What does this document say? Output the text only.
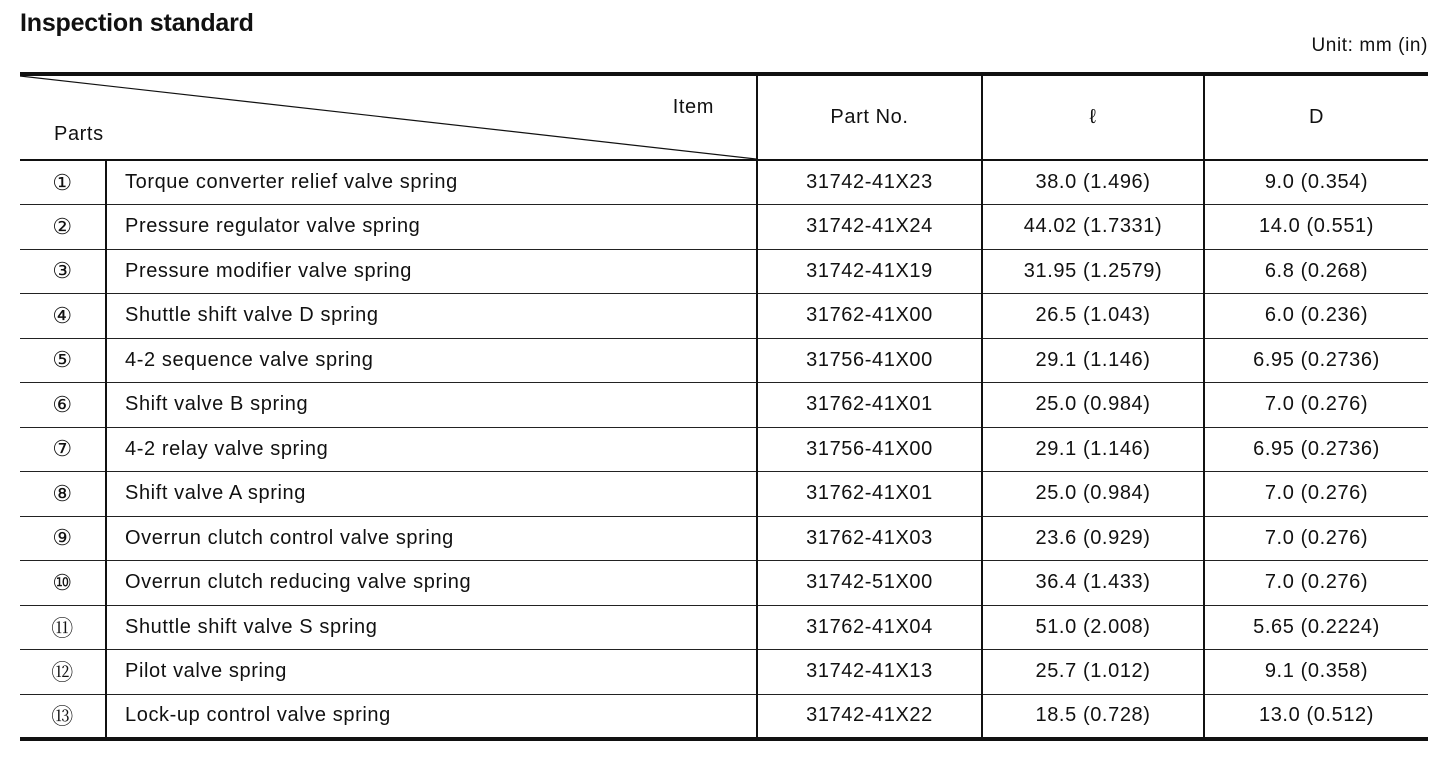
Inspection standard
Unit: mm (in)
Item
Parts		Part No.	ℓ	D
①	Torque converter relief valve spring	31742-41X23	38.0 (1.496)	9.0 (0.354)
②	Pressure regulator valve spring	31742-41X24	44.02 (1.7331)	14.0 (0.551)
③	Pressure modifier valve spring	31742-41X19	31.95 (1.2579)	6.8 (0.268)
④	Shuttle shift valve D spring	31762-41X00	26.5 (1.043)	6.0 (0.236)
⑤	4-2 sequence valve spring	31756-41X00	29.1 (1.146)	6.95 (0.2736)
⑥	Shift valve B spring	31762-41X01	25.0 (0.984)	7.0 (0.276)
⑦	4-2 relay valve spring	31756-41X00	29.1 (1.146)	6.95 (0.2736)
⑧	Shift valve A spring	31762-41X01	25.0 (0.984)	7.0 (0.276)
⑨	Overrun clutch control valve spring	31762-41X03	23.6 (0.929)	7.0 (0.276)
⑩	Overrun clutch reducing valve spring	31742-51X00	36.4 (1.433)	7.0 (0.276)
⑪	Shuttle shift valve S spring	31762-41X04	51.0 (2.008)	5.65 (0.2224)
⑫	Pilot valve spring	31742-41X13	25.7 (1.012)	9.1 (0.358)
⑬	Lock-up control valve spring	31742-41X22	18.5 (0.728)	13.0 (0.512)
